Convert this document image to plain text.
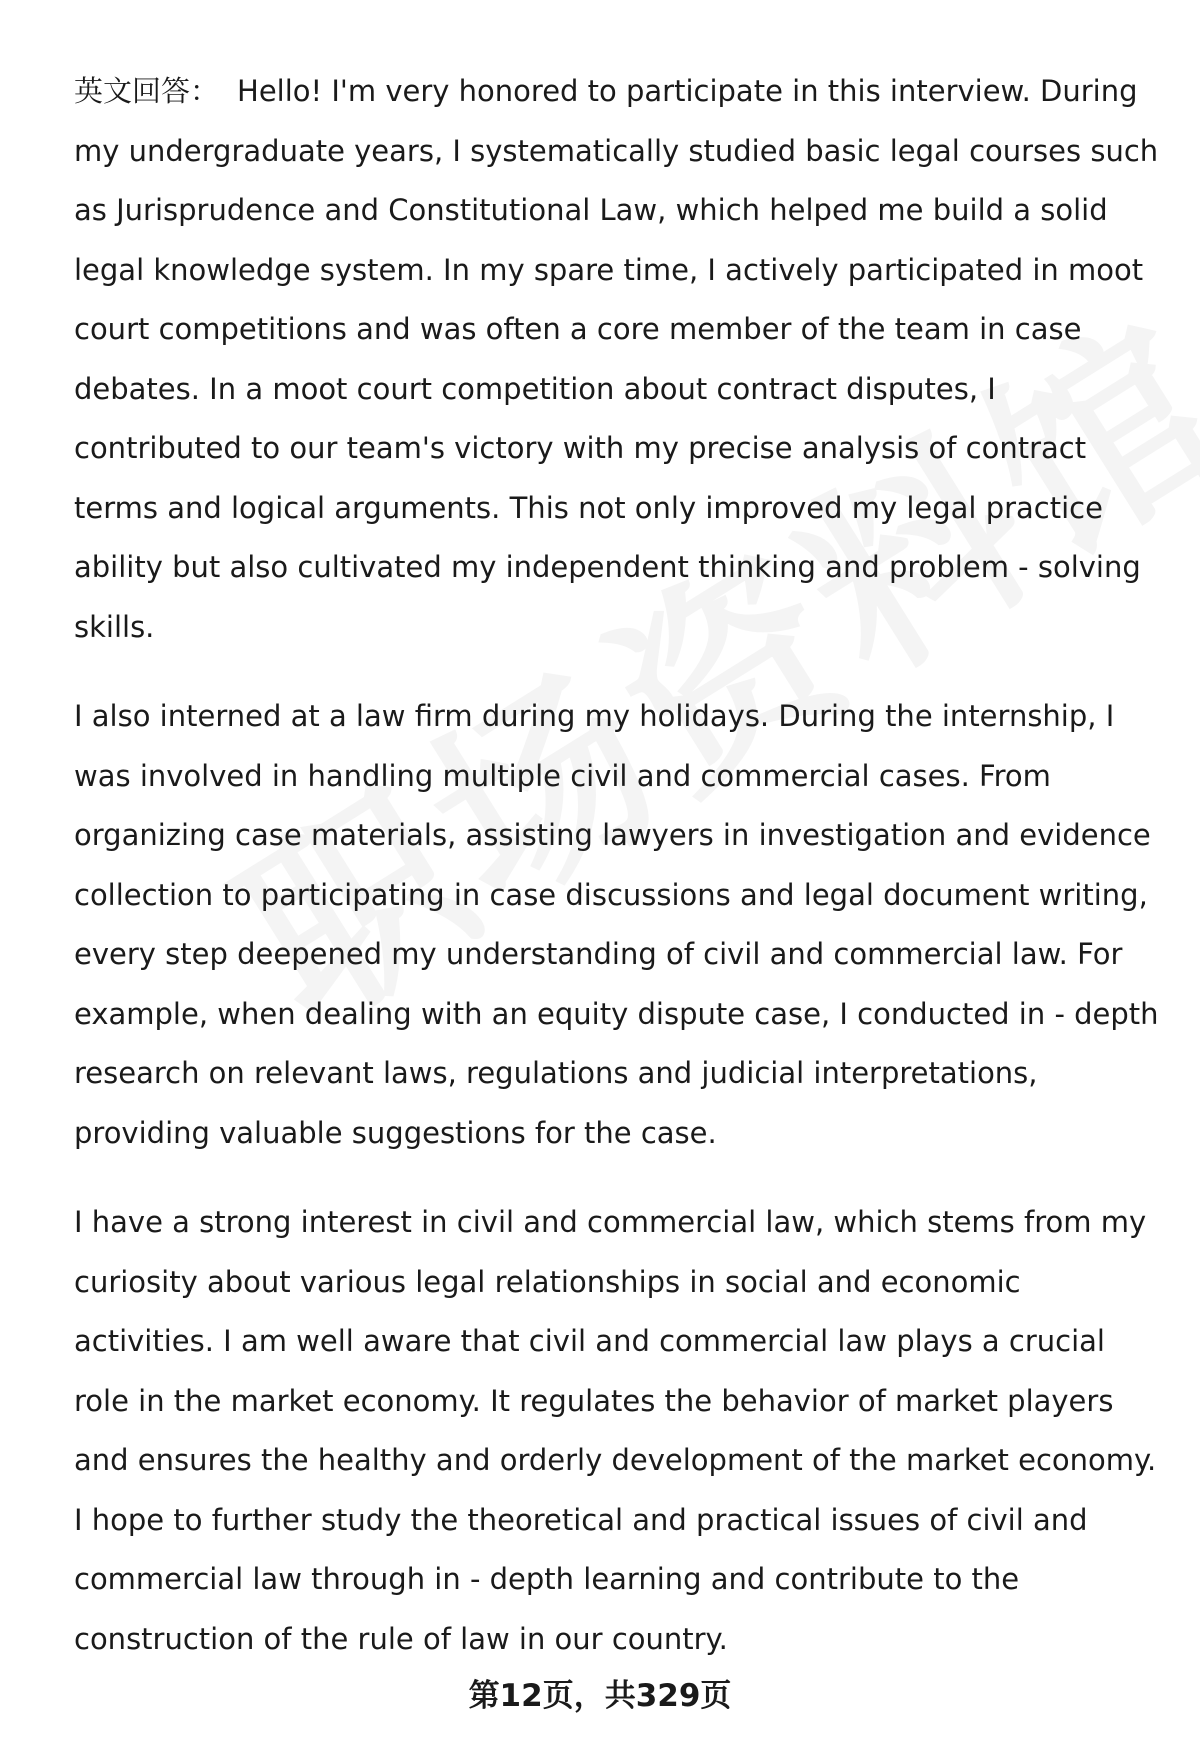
英文回答： Hello! I'm very honored to participate in this interview. During my undergraduate years, I systematically studied basic legal courses such as Jurisprudence and Constitutional Law, which helped me build a solid legal knowledge system. In my spare time, I actively participated in moot court competitions and was often a core member of the team in case debates. In a moot court competition about contract disputes, I contributed to our team's victory with my precise analysis of contract terms and logical arguments. This not only improved my legal practice ability but also cultivated my independent thinking and problem - solving skills.

I also interned at a law firm during my holidays. During the internship, I was involved in handling multiple civil and commercial cases. From organizing case materials, assisting lawyers in investigation and evidence collection to participating in case discussions and legal document writing, every step deepened my understanding of civil and commercial law. For example, when dealing with an equity dispute case, I conducted in - depth research on relevant laws, regulations and judicial interpretations, providing valuable suggestions for the case.

I have a strong interest in civil and commercial law, which stems from my curiosity about various legal relationships in social and economic activities. I am well aware that civil and commercial law plays a crucial role in the market economy. It regulates the behavior of market players and ensures the healthy and orderly development of the market economy. I hope to further study the theoretical and practical issues of civil and commercial law through in - depth learning and contribute to the construction of the rule of law in our country.

第12页，共329页
